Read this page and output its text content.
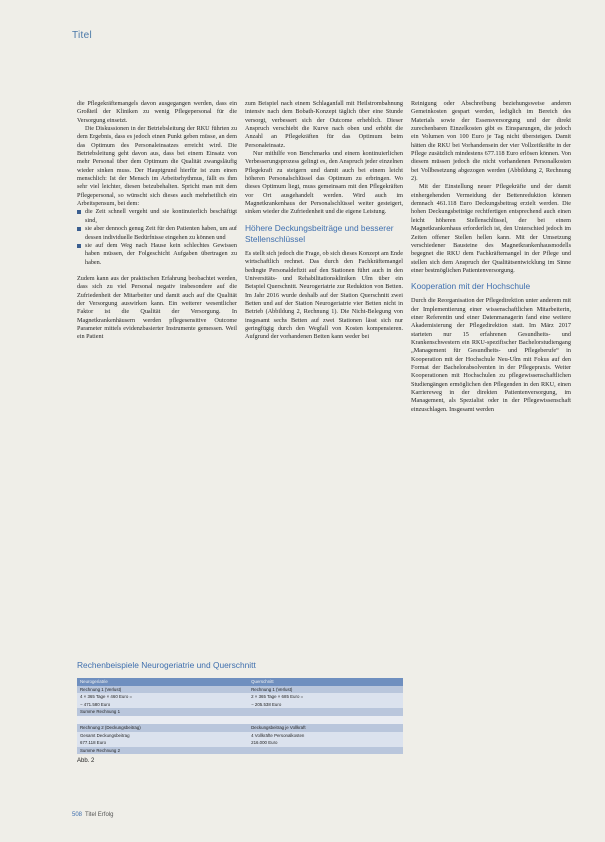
Titel

die Pflegekräftemangels davon ausgegangen werden, dass ein Großteil der Kliniken zu wenig Pflegepersonal für die Versorgung einsetzt.

Die Diskussionen in der Betriebsleitung der RKU führten zu dem Ergebnis, dass es jedoch einen Punkt geben müsse, an dem das Optimum des Personaleinsatzes erreicht wird. Die Betriebsleitung geht davon aus, dass bei einem Einsatz von mehr Personal über dem Optimum die Qualität zwangsläufig wieder sinken muss. Der Hauptgrund hierfür ist zum einen menschlich: Ist der Mensch im Arbeitsrhythmus, fällt es ihm sehr viel leichter, diesen beizubehalten. Spricht man mit dem Pflegepersonal, so wünscht sich dieses auch mehrheitlich ein Arbeitspensum, bei dem:

die Zeit schnell vergeht und sie kontinuierlich beschäftigt sind,
sie aber dennoch genug Zeit für den Patienten haben, um auf dessen individuelle Bedürfnisse eingehen zu können und
sie auf dem Weg nach Hause kein schlechtes Gewissen haben müssen, der Folgeschicht Aufgaben übertragen zu haben.

Zudem kann aus der praktischen Erfahrung beobachtet werden, dass sich zu viel Personal negativ insbesondere auf die Zufriedenheit der Mitarbeiter und damit auch auf die Qualität der Versorgung auswirken kann. Ein weiterer wesentlicher Faktor ist die Qualität der Versorgung. In Magnetkrankenhäusern werden pflegesensitive Outcome Parameter mittels evidenzbasierter Instrumente gemessen. Weil ein Patient

zum Beispiel nach einem Schlaganfall mit Heilstrombahnung intensiv nach dem Bobath-Konzept täglich über eine Stunde versorgt, verbessert sich der Outcome erheblich. Dieser Anspruch verschiebt die Kurve nach oben und erhöht die Anzahl an Pflegekräften für das Optimum beim Personaleinsatz.

Nur mithilfe von Benchmarks und einem kontinuierlichen Verbesserungsprozess gelingt es, den Anspruch jeder einzelnen Pflegekraft zu steigern und damit auch bei einem leicht höheren Personalschlüssel das Optimum zu erbringen. Wo dieses Optimum liegt, muss gemeinsam mit den Pflegekräften vor Ort ausgehandelt werden. Wird auch im Magnetkrankenhaus der Personalschlüssel weiter gesteigert, sinken wieder die Zufriedenheit und die eigene Leistung.

Höhere Deckungsbeiträge und besserer Stellenschlüssel

Es stellt sich jedoch die Frage, ob sich dieses Konzept am Ende wirtschaftlich rechnet. Das durch den Fachkräftemangel bedingte Personaldefizit auf den Stationen führt auch in den Universitäts- und Rehabilitationskliniken Ulm über ein Beispiel Querschnitt. Neurogeriatrie zur Reduktion von Betten. Im Jahr 2016 wurde deshalb auf der Station Querschnitt zwei Betten und auf der Station Neurogeriatrie vier Betten nicht in Betrieb (Abbildung 2, Rechnung 1). Die Nicht-Belegung von insgesamt sechs Betten auf zwei Stationen lässt sich nur geringfügig durch den Wegfall von Kosten kompensieren. Aufgrund der vorhandenen Betten kann weder bei

Reinigung oder Abschreibung beziehungsweise anderen Gemeinkosten gespart werden, lediglich im Bereich des Materials sowie der Essensversorgung und der direkt zurechenbaren Einzelkosten gibt es Einsparungen, die jedoch ein Volumen von 100 Euro je Tag nicht übersteigen. Damit hätten die RKU bei Vorhandensein der vier Vollzeitkräfte in der Pflege zusätzlich mindestens 677.118 Euro erlösen können. Von diesem müssen jedoch die nicht vorhandenen Personalkosten bei Vollbesetzung abgezogen werden (Abbildung 2, Rechnung 2).

Mit der Einstellung neuer Pflegekräfte und der damit einhergehenden Vermeidung der Bettenreduktion können demnach 461.118 Euro Deckungsbeitrag erzielt werden. Die hohen Deckungsbeiträge rechtfertigen entsprechend auch einen leicht höheren Stellenschlüssel, der bei einem Magnetkrankenhaus erforderlich ist, den Unterschied jedoch im Zeiten offener Stellen hellen kann. Mit der Umsetzung verschiedener Bausteine des Magnetkrankenhausmodells begegnet die RKU dem Fachkräftemangel in der Pflege und stellen sich dem Anspruch der Qualitätsentwicklung im Sinne einer bestmöglichen Patientenversorgung.

Kooperation mit der Hochschule

Durch die Reorganisation der Pflegedirektion unter anderem mit der Implementierung einer wissenschaftlichen Mitarbeiterin, einer Referentin und einer Datenmanagerin fand eine weitere Akademisierung der Pflegedirektion statt. Im März 2017 starteten nur 15 erfahrenen Gesundheits- und Krankenschwestern ein RKU-spezifischer Bachelorstudiengang „Management für Gesundheits- und Pflegeberufe“ in Kooperation mit der Hochschule Neu-Ulm mit Fokus auf den Format der Bachelorabsolventen in der Pflegepraxis. Weiter Kooperationen mit Hochschulen zu pflegewissenschaftlichen Studiengängen ermöglichen den Pflegenden in den RKU, einen Karriereweg in der direkten Patientenversorgung, im Management, als Spezialist oder in der Pflegewissenschaft einzuschlagen. Insgesamt werden

Rechenbeispiele Neurogeriatrie und Querschnitt
Neurogeriatrie	Querschnitt
Rechnung 1 (Verlust)	Rechnung 1 (Verlust)
4 × 365 Tage × 460 Euro =	2 × 365 Tage × 685 Euro =
− 471.580 Euro	− 205.538 Euro
Summe Rechnung 1	

Rechnung 2 (Deckungsbeitrag)	Deckungsbeitrag je Vollkraft
Gesamt Deckungsbeitrag	4 Vollkräfte Personalkosten
677.118 Euro	216.000 Euro
Summe Rechnung 2	
Abb. 2
508 Titel Erfolg
